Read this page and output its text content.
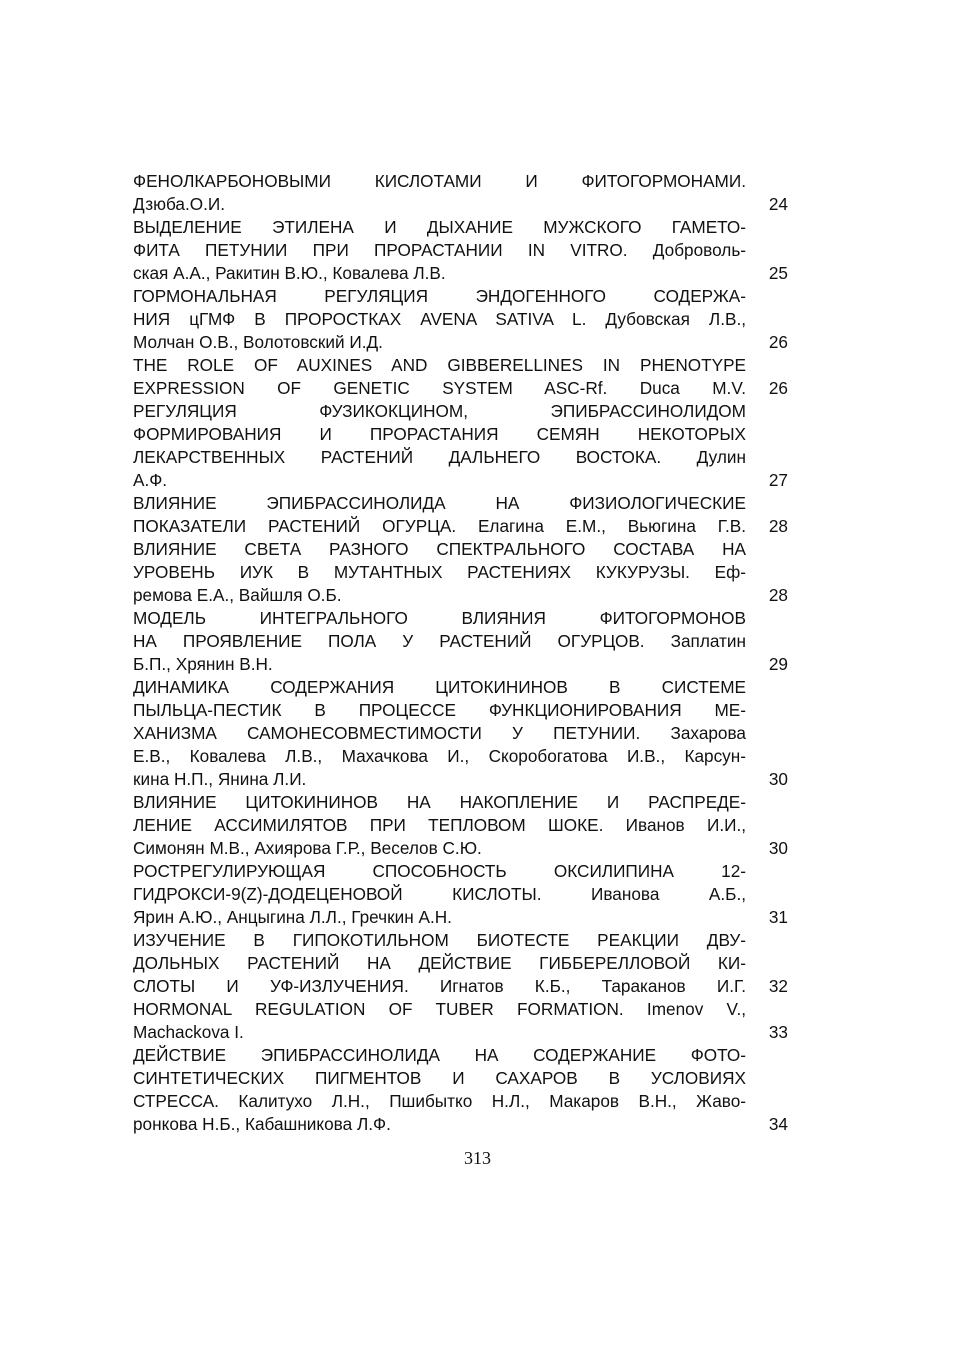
ФЕНОЛКАРБОНОВЫМИ КИСЛОТАМИ И ФИТОГОРМОНАМИ.
Дзюба.О.И.	24
ВЫДЕЛЕНИЕ ЭТИЛЕНА И ДЫХАНИЕ МУЖСКОГО ГАМЕТО-
ФИТА ПЕТУНИИ ПРИ ПРОРАСТАНИИ IN VITRO. Доброволь-
ская А.А., Ракитин В.Ю., Ковалева Л.В.	25
ГОРМОНАЛЬНАЯ РЕГУЛЯЦИЯ ЭНДОГЕННОГО СОДЕРЖА-
НИЯ цГМФ В ПРОРОСТКАХ AVENA SATIVA L. Дубовская Л.В.,
Молчан О.В., Волотовский И.Д.	26
THE ROLE OF AUXINES AND GIBBERELLINES IN PHENOTYPE
EXPRESSION OF GENETIC SYSTEM ASC-Rf. Duca M.V.	26
РЕГУЛЯЦИЯ ФУЗИКОКЦИНОМ, ЭПИБРАССИНОЛИДОМ
ФОРМИРОВАНИЯ И ПРОРАСТАНИЯ СЕМЯН НЕКОТОРЫХ
ЛЕКАРСТВЕННЫХ РАСТЕНИЙ ДАЛЬНЕГО ВОСТОКА. Дулин
А.Ф.	27
ВЛИЯНИЕ ЭПИБРАССИНОЛИДА НА ФИЗИОЛОГИЧЕСКИЕ
ПОКАЗАТЕЛИ РАСТЕНИЙ ОГУРЦА. Елагина Е.М., Вьюгина Г.В.	28
ВЛИЯНИЕ СВЕТА РАЗНОГО СПЕКТРАЛЬНОГО СОСТАВА НА
УРОВЕНЬ ИУК В МУТАНТНЫХ РАСТЕНИЯХ КУКУРУЗЫ. Еф-
ремова Е.А., Вайшля О.Б.	28
МОДЕЛЬ ИНТЕГРАЛЬНОГО ВЛИЯНИЯ ФИТОГОРМОНОВ
НА ПРОЯВЛЕНИЕ ПОЛА У РАСТЕНИЙ ОГУРЦОВ. Заплатин
Б.П., Хрянин В.Н.	29
ДИНАМИКА СОДЕРЖАНИЯ ЦИТОКИНИНОВ В СИСТЕМЕ
ПЫЛЬЦА-ПЕСТИК В ПРОЦЕССЕ ФУНКЦИОНИРОВАНИЯ МЕ-
ХАНИЗМА САМОНЕСОВМЕСТИМОСТИ У ПЕТУНИИ. Захарова
Е.В., Ковалева Л.В., Махачкова И., Скоробогатова И.В., Карсун-
кина Н.П., Янина Л.И.	30
ВЛИЯНИЕ ЦИТОКИНИНОВ НА НАКОПЛЕНИЕ И РАСПРЕДЕ-
ЛЕНИЕ АССИМИЛЯТОВ ПРИ ТЕПЛОВОМ ШОКЕ. Иванов И.И.,
Симонян М.В., Ахиярова Г.Р., Веселов С.Ю.	30
РОСТРЕГУЛИРУЮЩАЯ СПОСОБНОСТЬ ОКСИЛИПИНА 12-
ГИДРОКСИ-9(Z)-ДОДЕЦЕНОВОЙ КИСЛОТЫ. Иванова А.Б.,
Ярин А.Ю., Анцыгина Л.Л., Гречкин А.Н.	31
ИЗУЧЕНИЕ В ГИПОКОТИЛЬНОМ БИОТЕСТЕ РЕАКЦИИ ДВУ-
ДОЛЬНЫХ РАСТЕНИЙ НА ДЕЙСТВИЕ ГИББЕРЕЛЛОВОЙ КИ-
СЛОТЫ И УФ-ИЗЛУЧЕНИЯ. Игнатов К.Б., Тараканов И.Г.	32
HORMONAL REGULATION OF TUBER FORMATION. Imenov V.,
Machackova I.	33
ДЕЙСТВИЕ ЭПИБРАССИНОЛИДА НА СОДЕРЖАНИЕ ФОТО-
СИНТЕТИЧЕСКИХ ПИГМЕНТОВ И САХАРОВ В УСЛОВИЯХ
СТРЕССА. Калитухо Л.Н., Пшибытко Н.Л., Макаров В.Н., Жаво-
ронкова Н.Б., Кабашникова Л.Ф.	34
313
